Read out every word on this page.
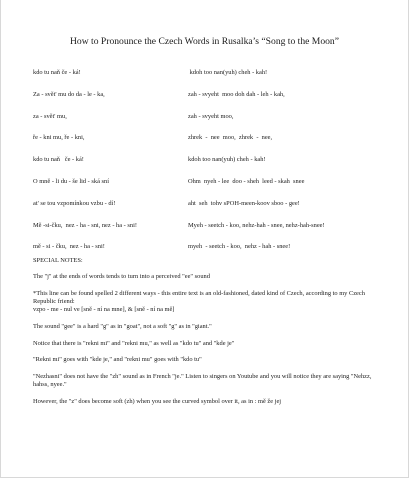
How to Pronounce the Czech Words in Rusalka’s “Song to the Moon”
kdo tu naň če - ká!	kdoh too nan(yuh) cheh - kah!
Za - svět' mu do da - le - ka,	zah - svyeht  moo doh dah - leh - kah,
za - svět' mu,	zah - svyeht moo,
ře - kni mu, ře - kni,	zhrek  -  nee  moo,  zhrek  -  nee,
kdo tu naň   če - ká!	kdoh too nan(yuh) cheh - kah!
O mně - li du - še lid - ská sní	Ohm  nyeh - lee  doo - sheh  leed - skah  snee
at' se tou vzpomínkou vzbu - dí!	aht  seh  tohv sPOH-meen-koov sboo - gee!
Mě -si-čku,  nez - ha - sni, nez - ha - sni!	Myeh - seetch - koo, nehz-hah - snee, nehz-hah-snee!
mě - si - čku,  nez - ha - sni!	myeh  - seetch - koo,  nehz - hah - snee!
SPECIAL NOTES:

The "j" at the ends of words tends to turn into a perceived "ee" sound

*This line can be found spelled 2 different ways - this entire text is an old-fashioned, dated kind of Czech, according to my Czech Republic friend:

vzpo - me - nul ve [sně - ní na mne], & [sně - ní na mě]

The sound "gee" is a hard "g" as in "goat", not a soft "g" as in "giant."

Notice that there is "rekni mi" and "rekni mu," as well as "kdo tu" and "kde je"

"Rekni mi" goes with "kde je," and "rekni mu" goes with "kdo tu"

"Nezhasni" does not have the "zh" sound as in French "je." Listen to singers on Youtube and you will notice they are saying "Nehzz, hahss, nyee."

However, the "z" does become soft (zh) when you see the curved symbol over it, as in : mě že jej
